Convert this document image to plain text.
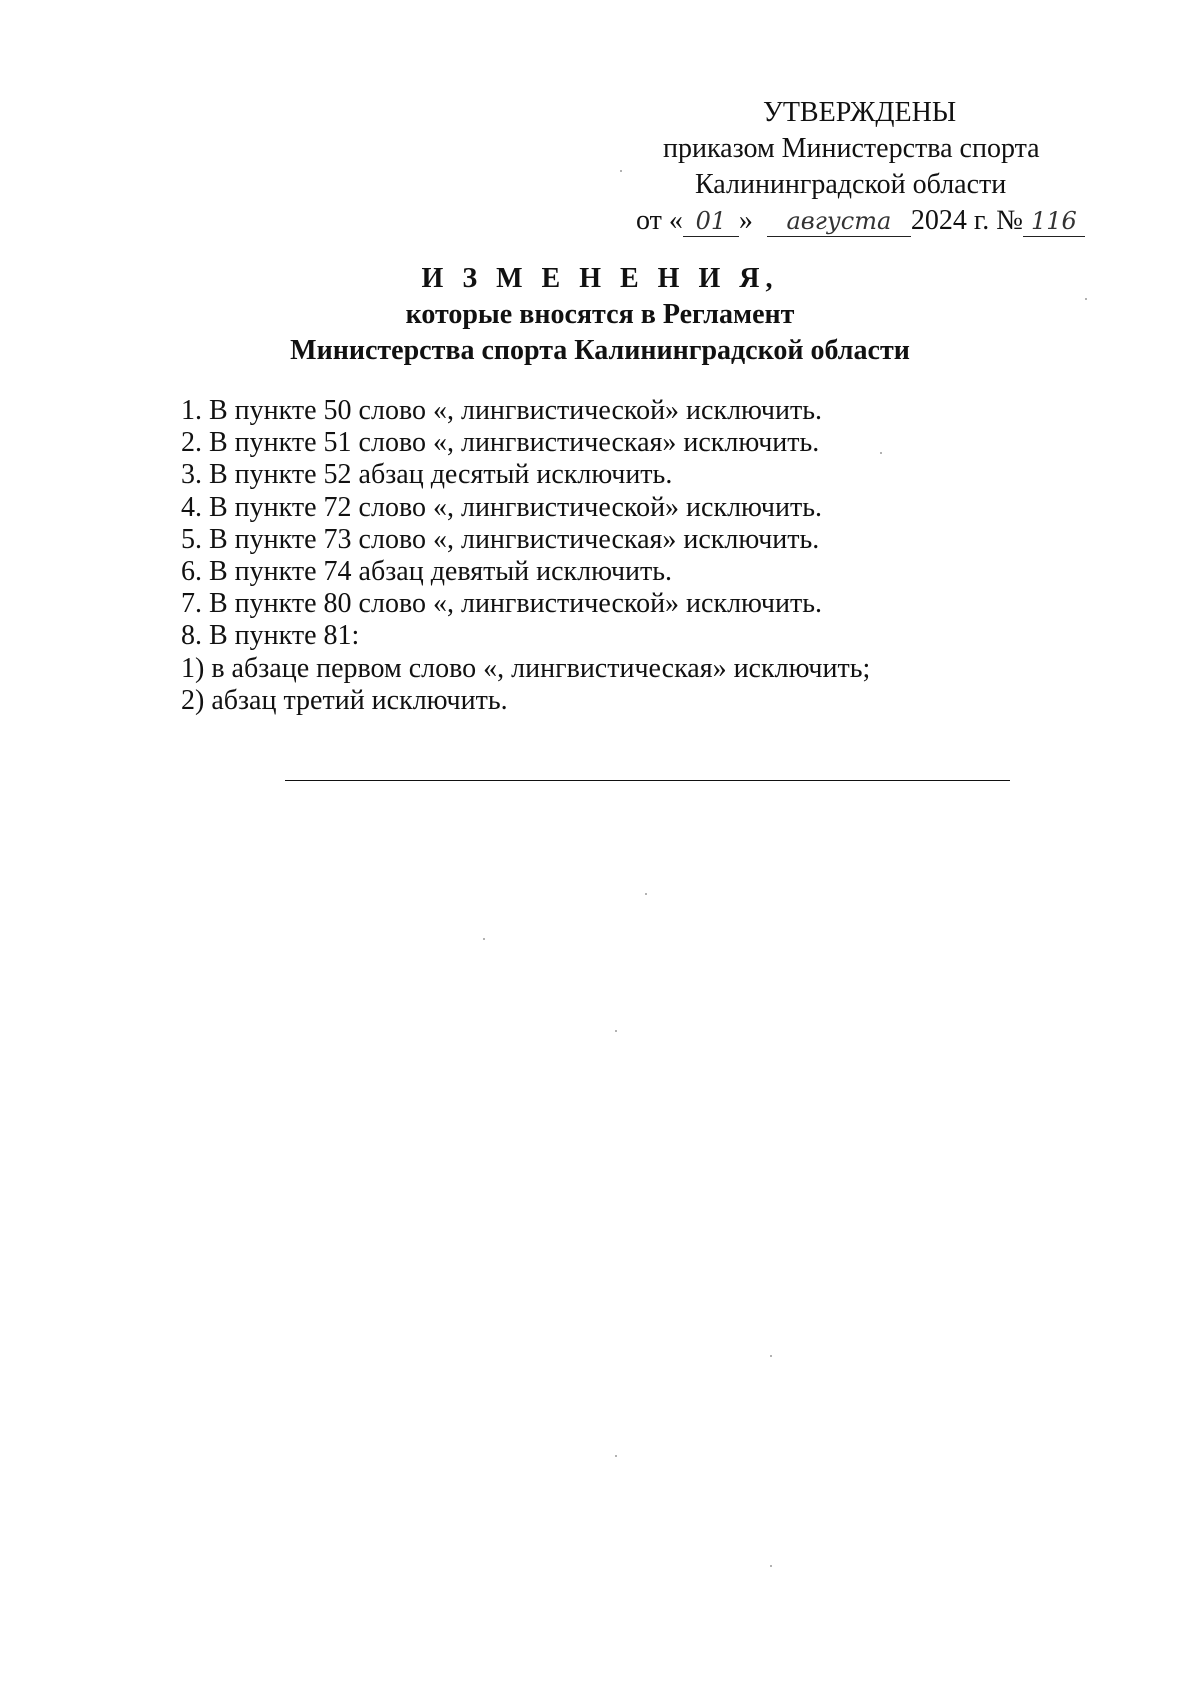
УТВЕРЖДЕНЫ
приказом Министерства спорта
Калининградской области
от « 01 »	августа 2024 г. № 116
И З М Е Н Е Н И Я,
которые вносятся в Регламент
Министерства спорта Калининградской области
1. В пункте 50 слово «, лингвистической» исключить.
2. В пункте 51 слово «, лингвистическая» исключить.
3. В пункте 52 абзац десятый исключить.
4. В пункте 72 слово «, лингвистической» исключить.
5. В пункте 73 слово «, лингвистическая» исключить.
6. В пункте 74 абзац девятый исключить.
7. В пункте 80 слово «, лингвистической» исключить.
8. В пункте 81:
1) в абзаце первом слово «, лингвистическая» исключить;
2) абзац третий исключить.
